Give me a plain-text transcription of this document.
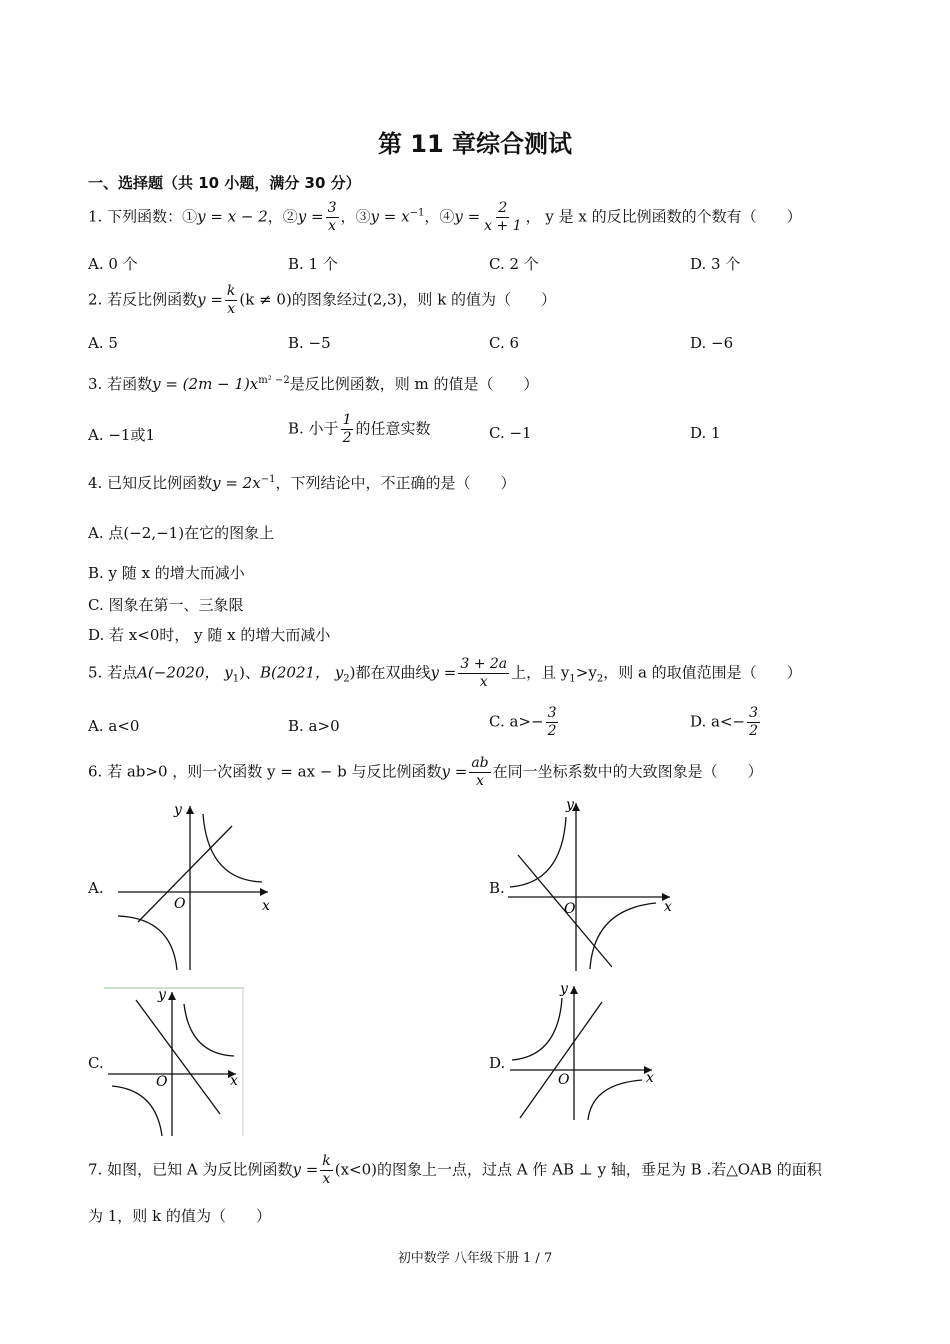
第 11 章综合测试
一、选择题（共 10 小题，满分 30 分）
1. 下列函数：①y = x − 2，②y = $\frac{3}{x}$ ，③y = $x^{-1}$，④y = $\frac{2}{x + 1}$ ， y 是 x 的反比例函数的个数有（　　）
A. 0 个	B. 1 个	C. 2 个	D. 3 个
2. 若反比例函数$y = \frac{k}{x} (k \ne 0)$的图象经过(2,3)，则 k 的值为（　　）
A. 5	B. −5	C. 6	D. −6
3. 若函数$y = (2m - 1)x^{m^2 -2}$是反比例函数，则 m 的值是（　　）
A. −1或1	B. 小于 $\frac{1}{2}$ 的任意实数	C. −1	D. 1
4. 已知反比例函数$y = 2x^{-1}$，下列结论中，不正确的是（　　）
A. 点(−2,−1)在它的图象上
B. y 随 x 的增大而减小
C. 图象在第一、三象限
D. 若 x<0时， y 随 x 的增大而减小
5. 若点A(−2020， $y_1$)、B(2021， $y_2$)都在双曲线$y = \frac{3 + 2a}{x}$ 上，且 $y_1>y_2$，则 a 的取值范围是（　　）
A. a<0	B. a>0	C. $a>- \frac{3}{2}$	D. $a<- \frac{3}{2}$
6. 若 ab>0 ，则一次函数 y = ax − b 与反比例函数$y = \frac{ab}{x}$ 在同一坐标系数中的大致图象是（　　）
A.	B.
C.	D.
x
y
O	x
y
O
x
y
O	x
y
O
7. 如图，已知 A 为反比例函数$y = \frac{k}{x} (x<0)$的图象上一点，过点 A 作 AB ⊥ y 轴，垂足为 B .若△OAB 的面积
为 1，则 k 的值为（　　）
初中数学 八年级下册 1 / 7
